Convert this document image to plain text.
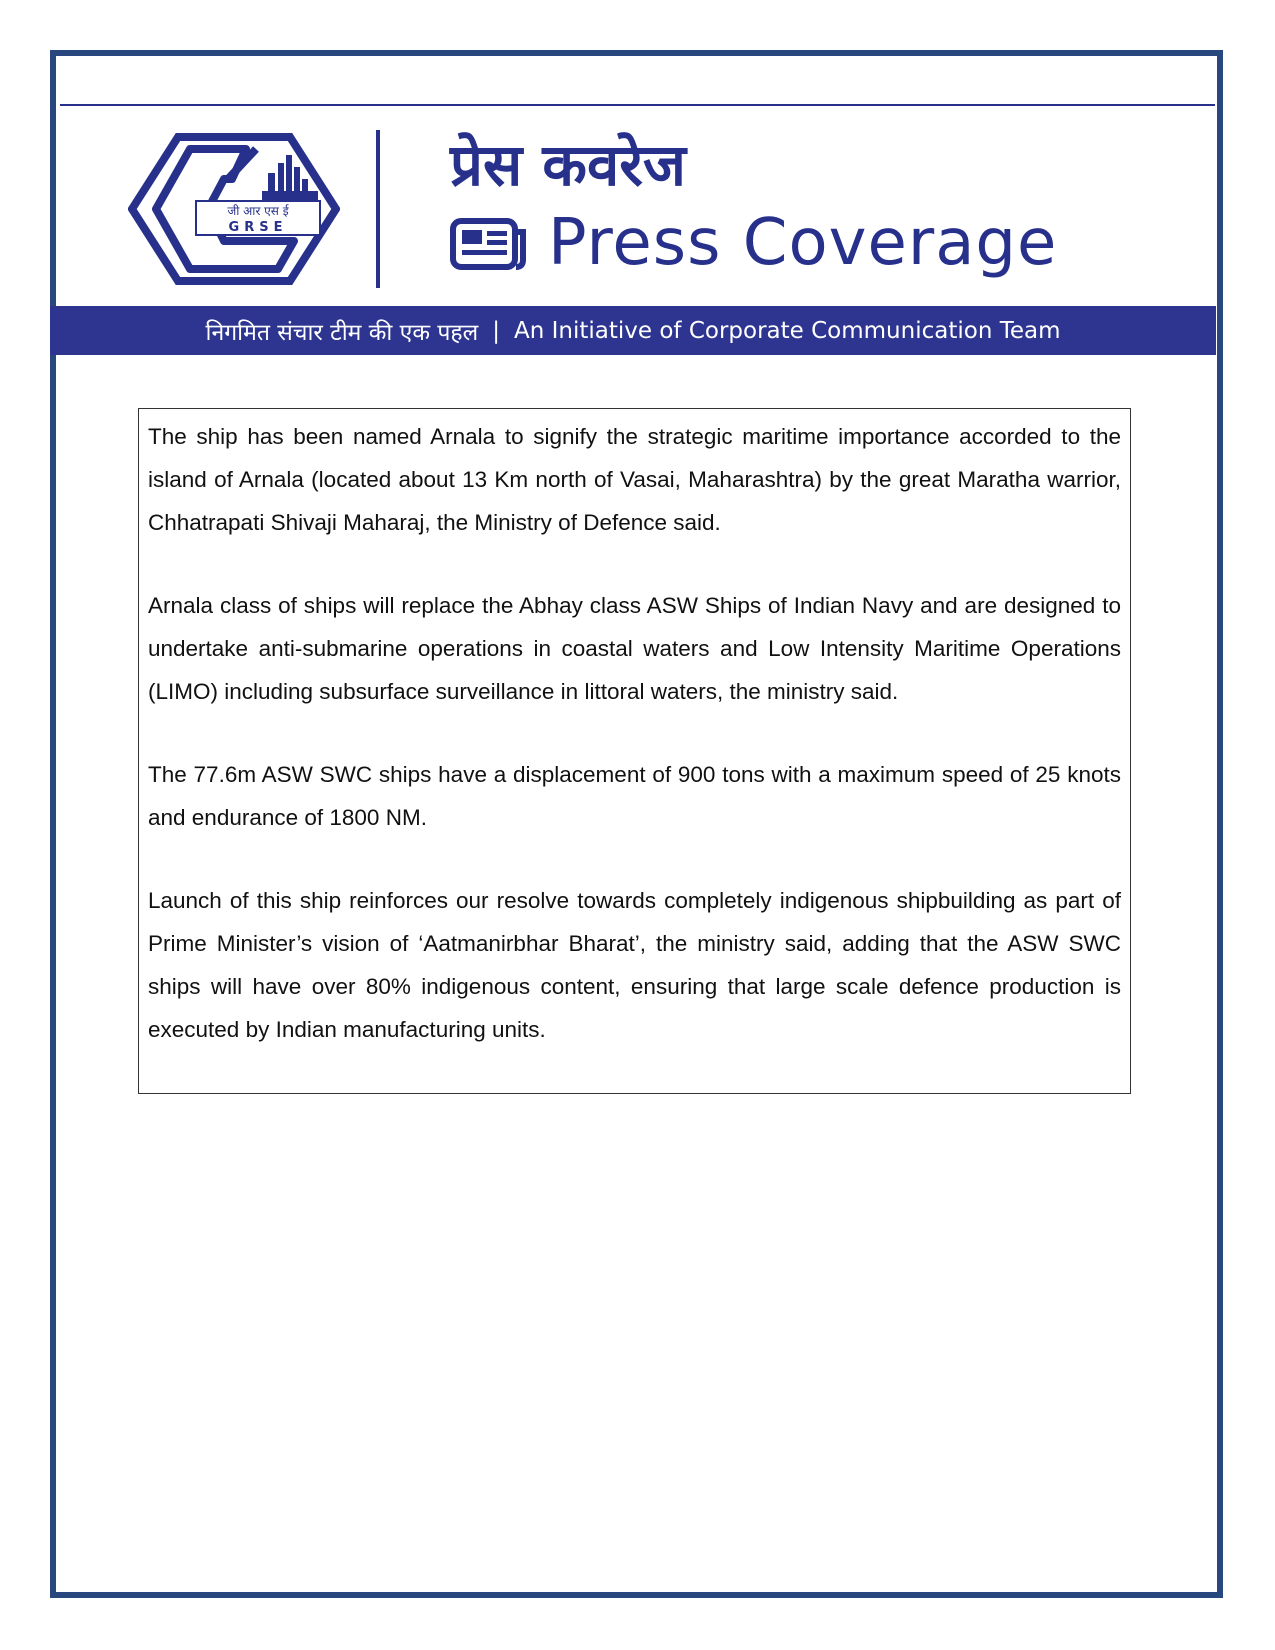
जी आर एस ई
GRSE
प्रेस कवरेज
Press Coverage
निगमित संचार टीम की एक पहल | An Initiative of Corporate Communication Team

The ship has been named Arnala to signify the strategic maritime importance accorded to the island of Arnala (located about 13 Km north of Vasai, Maharashtra) by the great Maratha warrior, Chhatrapati Shivaji Maharaj, the Ministry of Defence said.

Arnala class of ships will replace the Abhay class ASW Ships of Indian Navy and are designed to undertake anti-submarine operations in coastal waters and Low Intensity Maritime Operations (LIMO) including subsurface surveillance in littoral waters, the ministry said.

The 77.6m ASW SWC ships have a displacement of 900 tons with a maximum speed of 25 knots and endurance of 1800 NM.

Launch of this ship reinforces our resolve towards completely indigenous shipbuilding as part of Prime Minister’s vision of ‘Aatmanirbhar Bharat’, the ministry said, adding that the ASW SWC ships will have over 80% indigenous content, ensuring that large scale defence production is executed by Indian manufacturing units.
